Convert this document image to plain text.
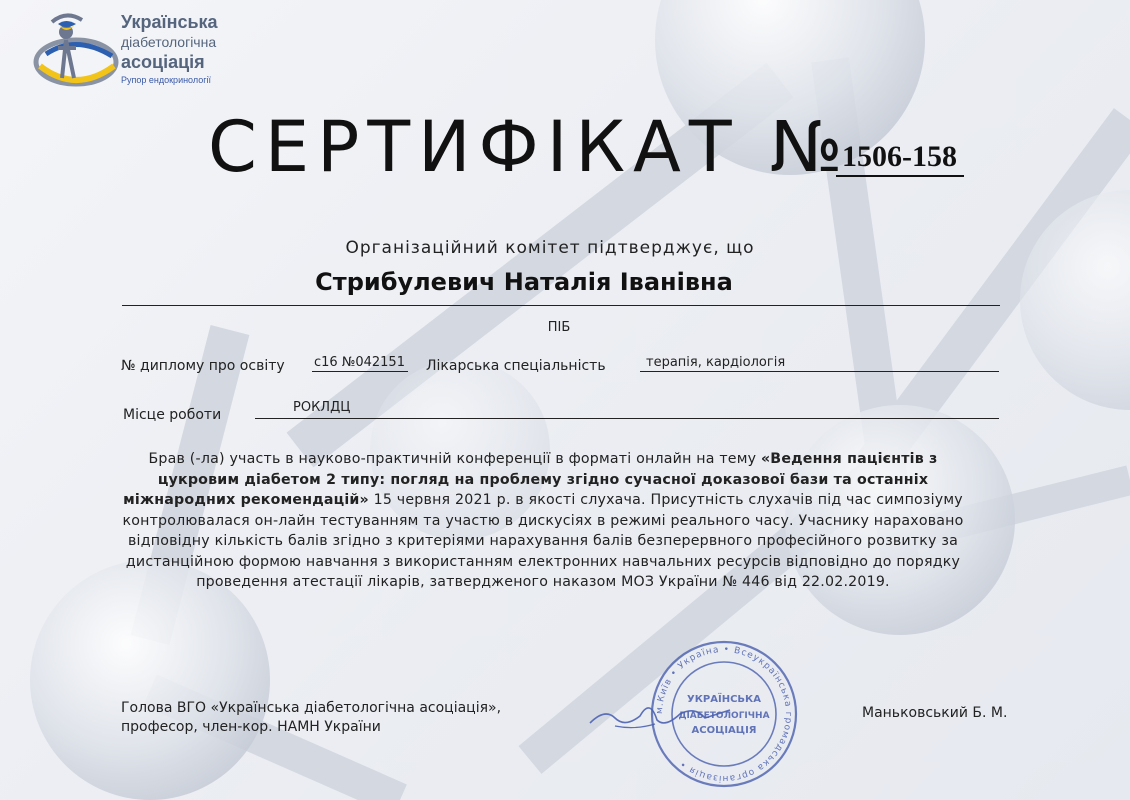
Українська
діабетологічна
асоціація
Рупор ендокринології
СЕРТИФІКАТ №
1506-158
Організаційний комітет підтверджує, що
Стрибулевич Наталія Іванівна
ПІБ
№ диплому про освіту с16 №042151 Лікарська спеціальність	терапія, кардіологія
Місце роботи	РОКЛДЦ
Брав (-ла) участь в науково-практичній конференції в форматі онлайн на тему «Ведення пацієнтів з цукровим діабетом 2 типу: погляд на проблему згідно сучасної доказової бази та останніх міжнародних рекомендацій» 15 червня 2021 р. в якості слухача. Присутність слухачів під час симпозіуму контролювалася он-лайн тестуванням та участю в дискусіях в режимі реального часу. Учаснику нараховано відповідну кількість балів згідно з критеріями нарахування балів безперервного професійного розвитку за дистанційною формою навчання з використанням електронних навчальних ресурсів відповідно до порядку проведення атестації лікарів, затвердженого наказом МОЗ України № 446 від 22.02.2019.
Голова ВГО «Українська діабетологічна асоціація»,
професор, член-кор. НАМН України
Маньковський Б. М.
м.Київ • Україна • Всеукраїнська громадська організація •
УКРАЇНСЬКА
ДІАБЕТОЛОГІЧНА
АСОЦІАЦІЯ
